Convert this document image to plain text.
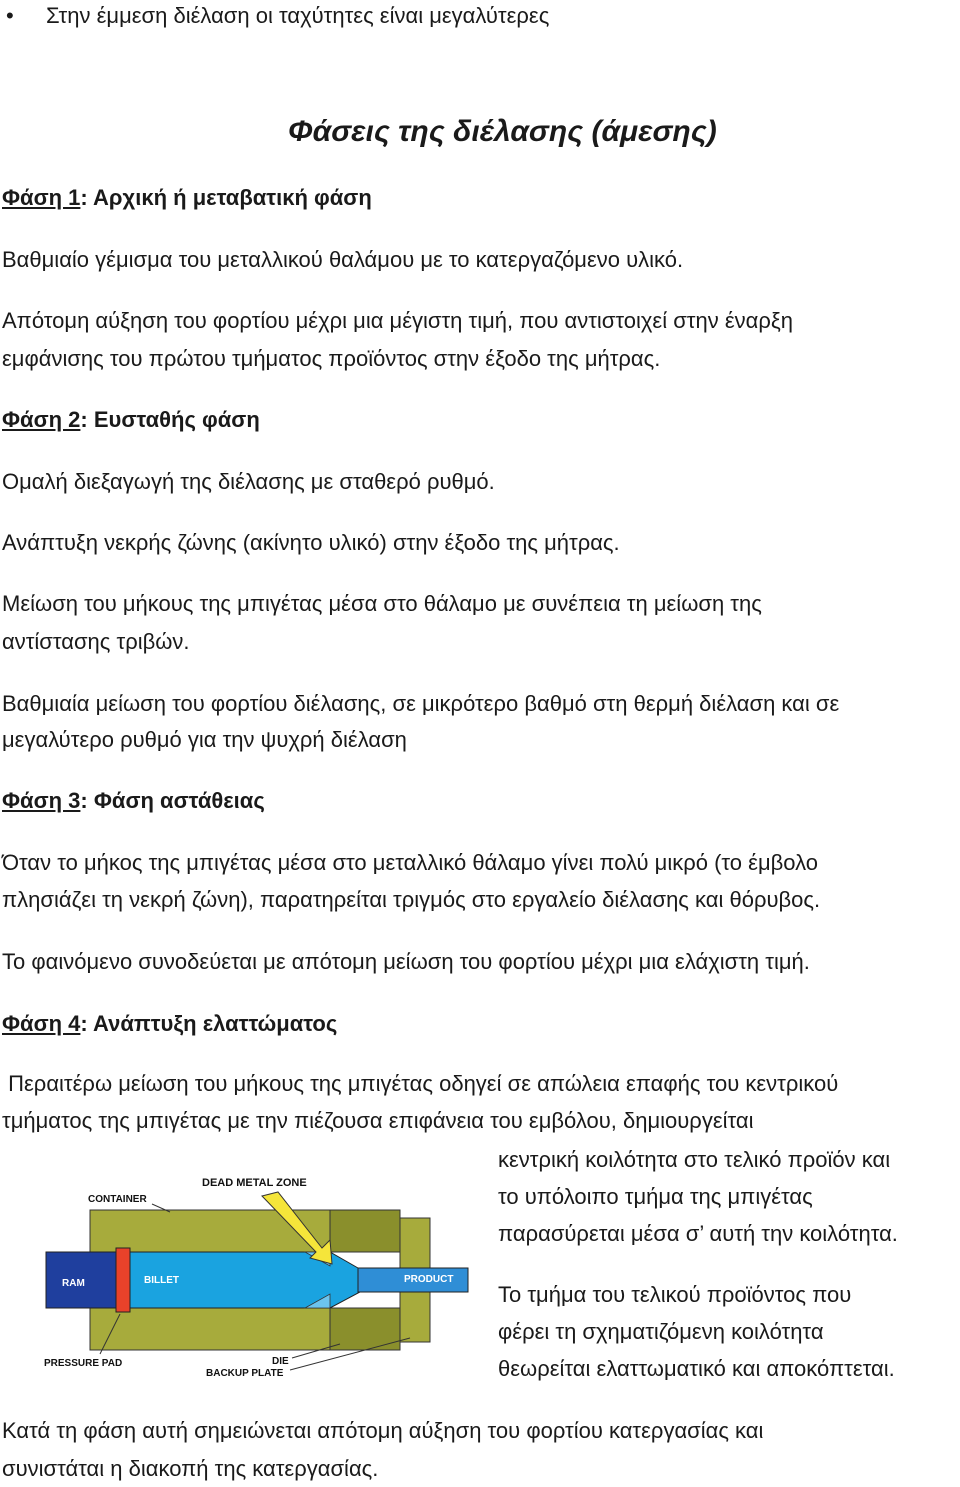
• Στην έμμεση διέλαση οι ταχύτητες είναι μεγαλύτερες

Φάσεις της διέλασης (άμεσης)

Φάση 1: Αρχική ή μεταβατική φάση

Βαθμιαίο γέμισμα του μεταλλικού θαλάμου με το κατεργαζόμενο υλικό.

Απότομη αύξηση του φορτίου μέχρι μια μέγιστη τιμή, που αντιστοιχεί στην έναρξη

εμφάνισης του πρώτου τμήματος προϊόντος στην έξοδο της μήτρας.

Φάση 2: Ευσταθής φάση

Ομαλή διεξαγωγή της διέλασης με σταθερό ρυθμό.

Ανάπτυξη νεκρής ζώνης (ακίνητο υλικό) στην έξοδο της μήτρας.

Μείωση του μήκους της μπιγέτας μέσα στο θάλαμο με συνέπεια τη μείωση της

αντίστασης τριβών.

Βαθμιαία μείωση του φορτίου διέλασης, σε μικρότερο βαθμό στη θερμή διέλαση και σε

μεγαλύτερο ρυθμό για την ψυχρή διέλαση

Φάση 3: Φάση αστάθειας

Όταν το μήκος της μπιγέτας μέσα στο μεταλλικό θάλαμο γίνει πολύ μικρό (το έμβολο

πλησιάζει τη νεκρή ζώνη), παρατηρείται τριγμός στο εργαλείο διέλασης και θόρυβος.

Το φαινόμενο συνοδεύεται με απότομη μείωση του φορτίου μέχρι μια ελάχιστη τιμή.

Φάση 4: Ανάπτυξη ελαττώματος

Περαιτέρω μείωση του μήκους της μπιγέτας οδηγεί σε απώλεια επαφής του κεντρικού

τμήματος της μπιγέτας με την πιέζουσα επιφάνεια του εμβόλου, δημιουργείται

κεντρική κοιλότητα στο τελικό προϊόν και
το υπόλοιπο τμήμα της μπιγέτας
παρασύρεται μέσα σ’ αυτή την κοιλότητα.
Το τμήμα του τελικού προϊόντος που
φέρει τη σχηματιζόμενη κοιλότητα
θεωρείται ελαττωματικό και αποκόπτεται.
DEAD METAL ZONE
CONTAINER
RAM	BILLET	PRODUCT
PRESSURE PAD	DIE
BACKUP PLATE

Κατά τη φάση αυτή σημειώνεται απότομη αύξηση του φορτίου κατεργασίας και

συνιστάται η διακοπή της κατεργασίας.
